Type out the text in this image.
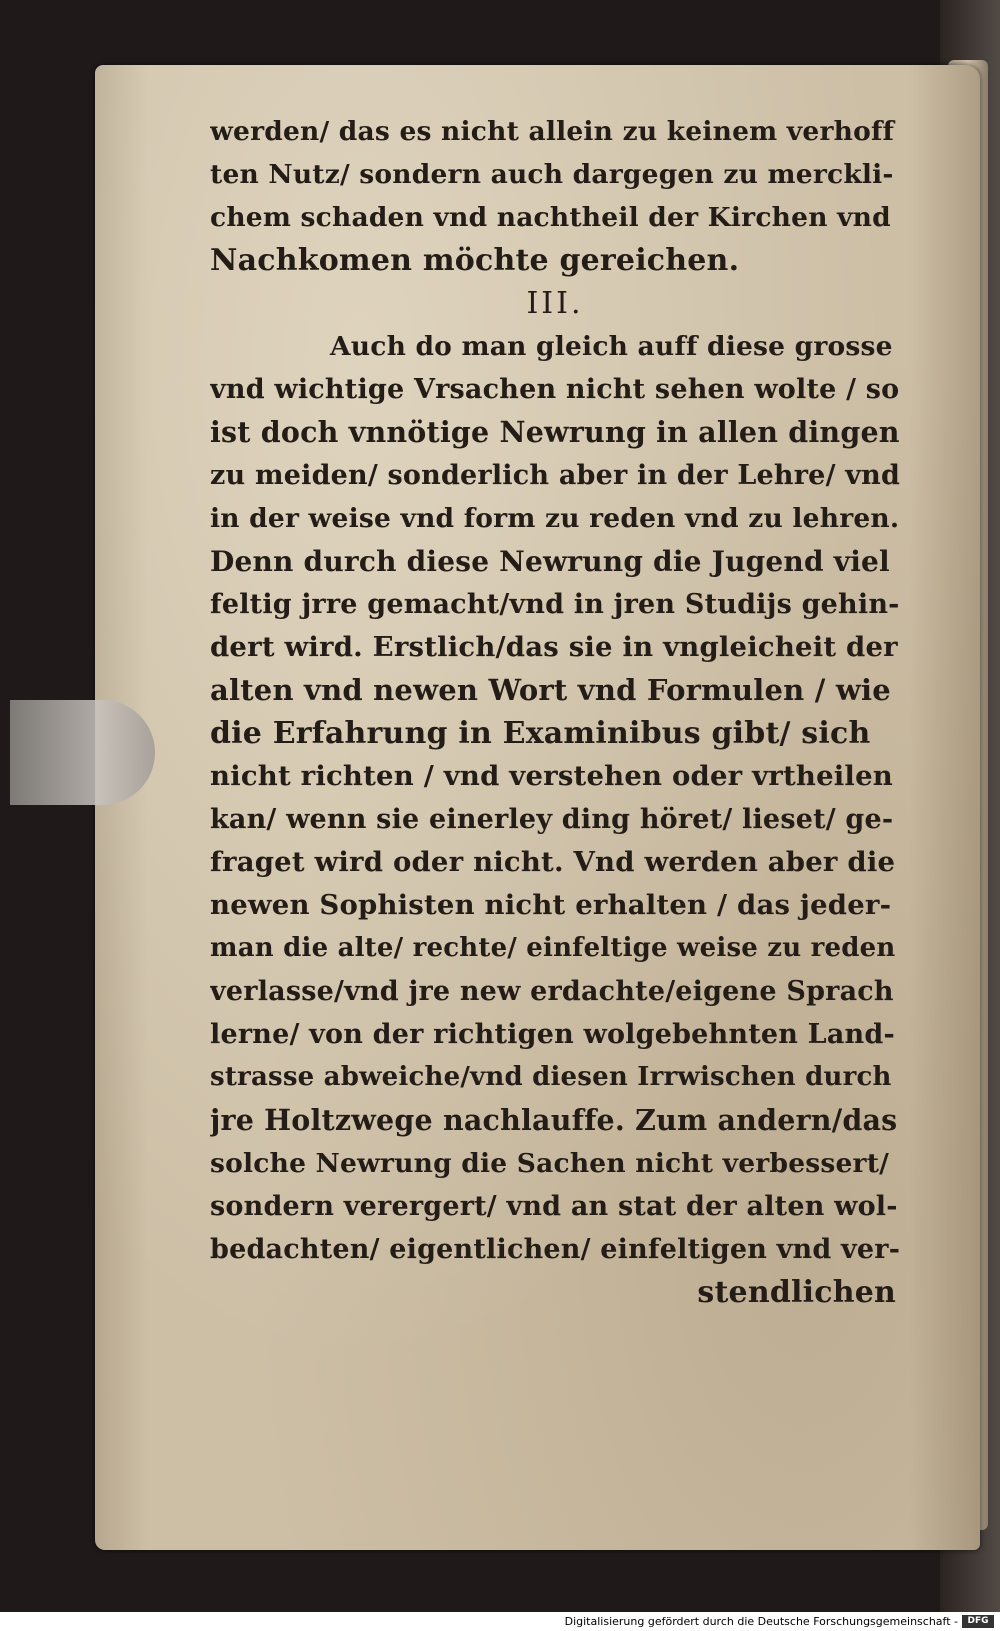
werden/ das es nicht allein zu keinem verhoff
ten Nutz/ sondern auch dargegen zu merckli-
chem schaden vnd nachtheil der Kirchen vnd
Nachkomen möchte gereichen.
III.
Auch do man gleich auff diese grosse
vnd wichtige Vrsachen nicht sehen wolte / so
ist doch vnnötige Newrung in allen dingen
zu meiden/ sonderlich aber in der Lehre/ vnd
in der weise vnd form zu reden vnd zu lehren.
Denn durch diese Newrung die Jugend viel
feltig jrre gemacht/vnd in jren Studijs gehin-
dert wird. Erstlich/das sie in vngleicheit der
alten vnd newen Wort vnd Formulen / wie
die Erfahrung in Examinibus gibt/ sich
nicht richten / vnd verstehen oder vrtheilen
kan/ wenn sie einerley ding höret/ lieset/ ge-
fraget wird oder nicht. Vnd werden aber die
newen Sophisten nicht erhalten / das jeder-
man die alte/ rechte/ einfeltige weise zu reden
verlasse/vnd jre new erdachte/eigene Sprach
lerne/ von der richtigen wolgebehnten Land-
strasse abweiche/vnd diesen Irrwischen durch
jre Holtzwege nachlauffe. Zum andern/das
solche Newrung die Sachen nicht verbessert/
sondern verergert/ vnd an stat der alten wol-
bedachten/ eigentlichen/ einfeltigen vnd ver-
stendlichen
Digitalisierung gefördert durch die Deutsche Forschungsgemeinschaft -	DFG
